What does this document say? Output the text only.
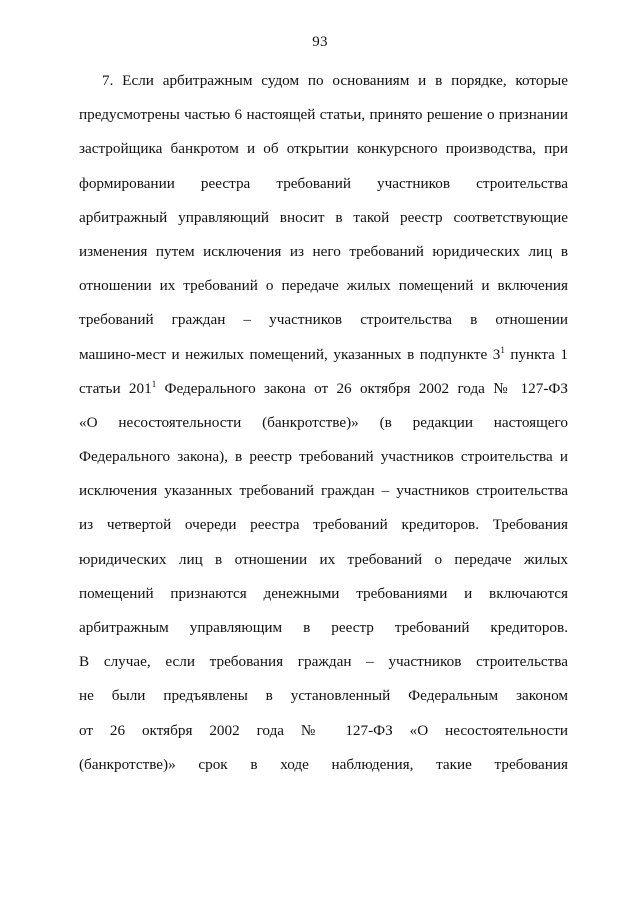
93
7. Если арбитражным судом по основаниям и в порядке, которые
предусмотрены частью 6 настоящей статьи, принято решение о признании
застройщика банкротом и об открытии конкурсного производства, при
формировании реестра требований участников строительства
арбитражный управляющий вносит в такой реестр соответствующие
изменения путем исключения из него требований юридических лиц в
отношении их требований о передаче жилых помещений и включения
требований граждан – участников строительства в отношении
машино-мест и нежилых помещений, указанных в подпункте $3^1$ пункта 1
статьи $201^1$ Федерального закона от 26 октября 2002 года № 127-ФЗ
«О несостоятельности (банкротстве)» (в редакции настоящего
Федерального закона), в реестр требований участников строительства и
исключения указанных требований граждан – участников строительства
из четвертой очереди реестра требований кредиторов. Требования
юридических лиц в отношении их требований о передаче жилых
помещений признаются денежными требованиями и включаются
арбитражным управляющим в реестр требований кредиторов.
В случае, если требования граждан – участников строительства
не были предъявлены в установленный Федеральным законом
от 26 октября 2002 года № 127-ФЗ «О несостоятельности
(банкротстве)» срок в ходе наблюдения, такие требования
